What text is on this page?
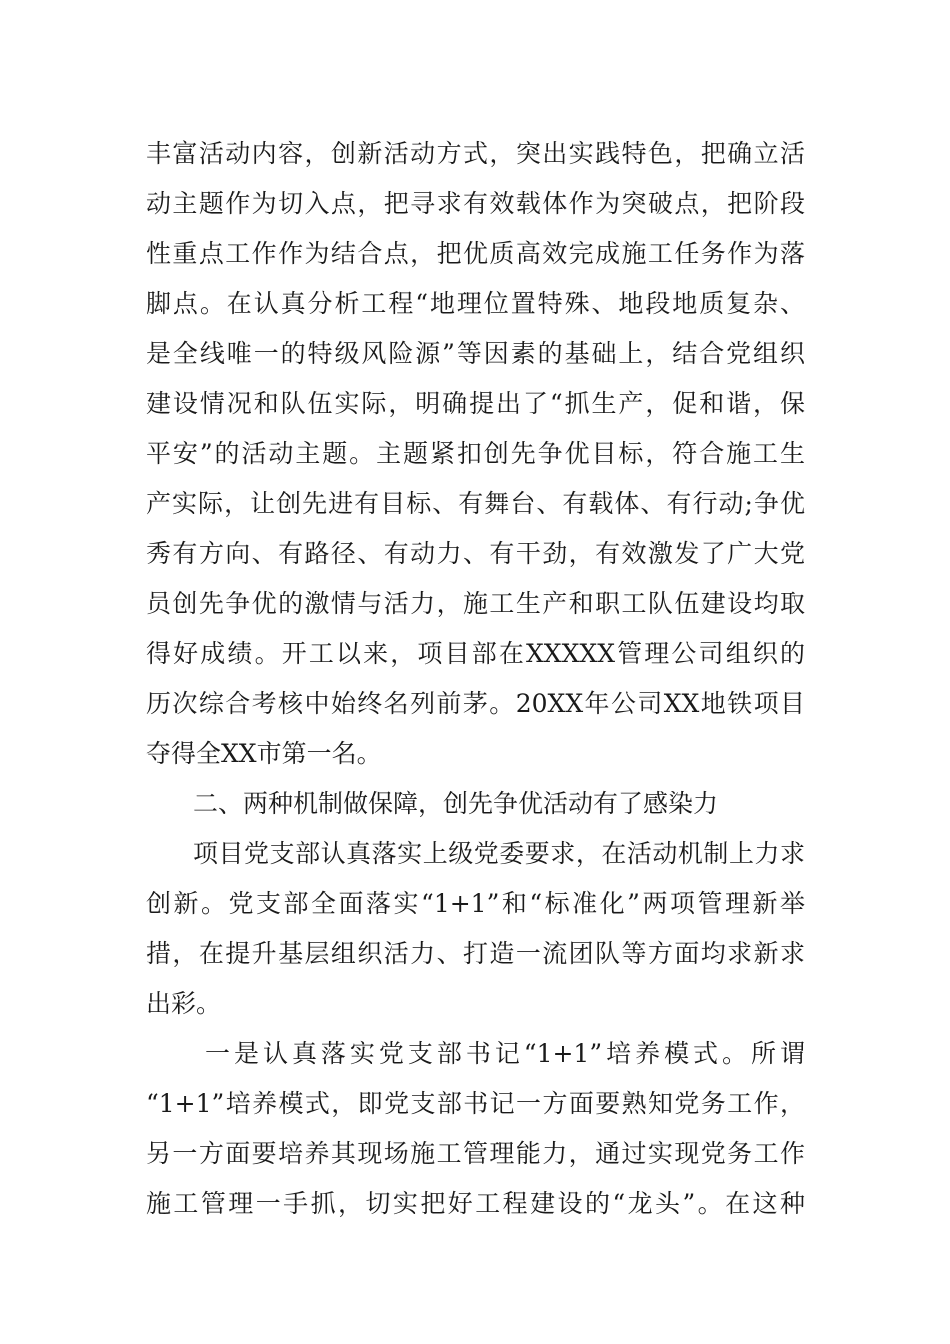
丰富活动内容，创新活动方式，突出实践特色，把确立活
动主题作为切入点，把寻求有效载体作为突破点，把阶段
性重点工作作为结合点，把优质高效完成施工任务作为落
脚点。在认真分析工程“地理位置特殊、地段地质复杂、
是全线唯一的特级风险源”等因素的基础上，结合党组织
建设情况和队伍实际，明确提出了“抓生产，促和谐，保
平安”的活动主题。主题紧扣创先争优目标，符合施工生
产实际，让创先进有目标、有舞台、有载体、有行动;争优
秀有方向、有路径、有动力、有干劲，有效激发了广大党
员创先争优的激情与活力，施工生产和职工队伍建设均取
得好成绩。开工以来，项目部在XXXXX管理公司组织的
历次综合考核中始终名列前茅。20XX年公司XX地铁项目
夺得全XX市第一名。
二、两种机制做保障，创先争优活动有了感染力
项目党支部认真落实上级党委要求，在活动机制上力求
创新。党支部全面落实“1+1”和“标准化”两项管理新举
措，在提升基层组织活力、打造一流团队等方面均求新求
出彩。
一是认真落实党支部书记“1+1”培养模式。所谓
“1+1”培养模式，即党支部书记一方面要熟知党务工作，
另一方面要培养其现场施工管理能力，通过实现党务工作
施工管理一手抓，切实把好工程建设的“龙头”。在这种
